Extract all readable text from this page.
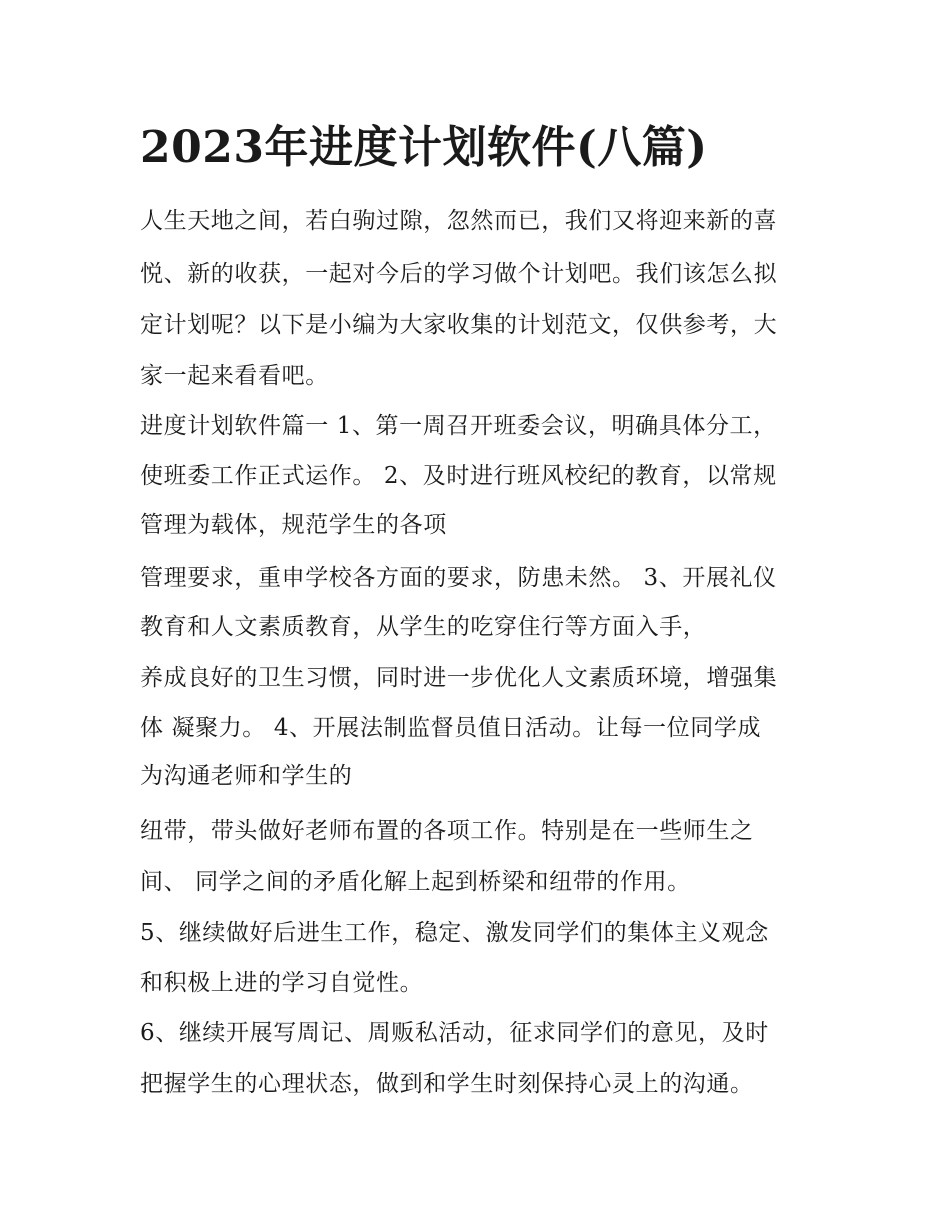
2023年进度计划软件(八篇)

人生天地之间，若白驹过隙，忽然而已，我们又将迎来新的喜

悦、新的收获，一起对今后的学习做个计划吧。我们该怎么拟

定计划呢？以下是小编为大家收集的计划范文，仅供参考，大

家一起来看看吧。

进度计划软件篇一 1、第一周召开班委会议，明确具体分工，

使班委工作正式运作。 2、及时进行班风校纪的教育，以常规

管理为载体，规范学生的各项

管理要求，重申学校各方面的要求，防患未然。 3、开展礼仪

教育和人文素质教育，从学生的吃穿住行等方面入手，

养成良好的卫生习惯，同时进一步优化人文素质环境，增强集

体 凝聚力。 4、开展法制监督员值日活动。让每一位同学成

为沟通老师和学生的

纽带，带头做好老师布置的各项工作。特别是在一些师生之

间、 同学之间的矛盾化解上起到桥梁和纽带的作用。

5、继续做好后进生工作，稳定、激发同学们的集体主义观念

和积极上进的学习自觉性。

6、继续开展写周记、周贩私活动，征求同学们的意见，及时

把握学生的心理状态，做到和学生时刻保持心灵上的沟通。
